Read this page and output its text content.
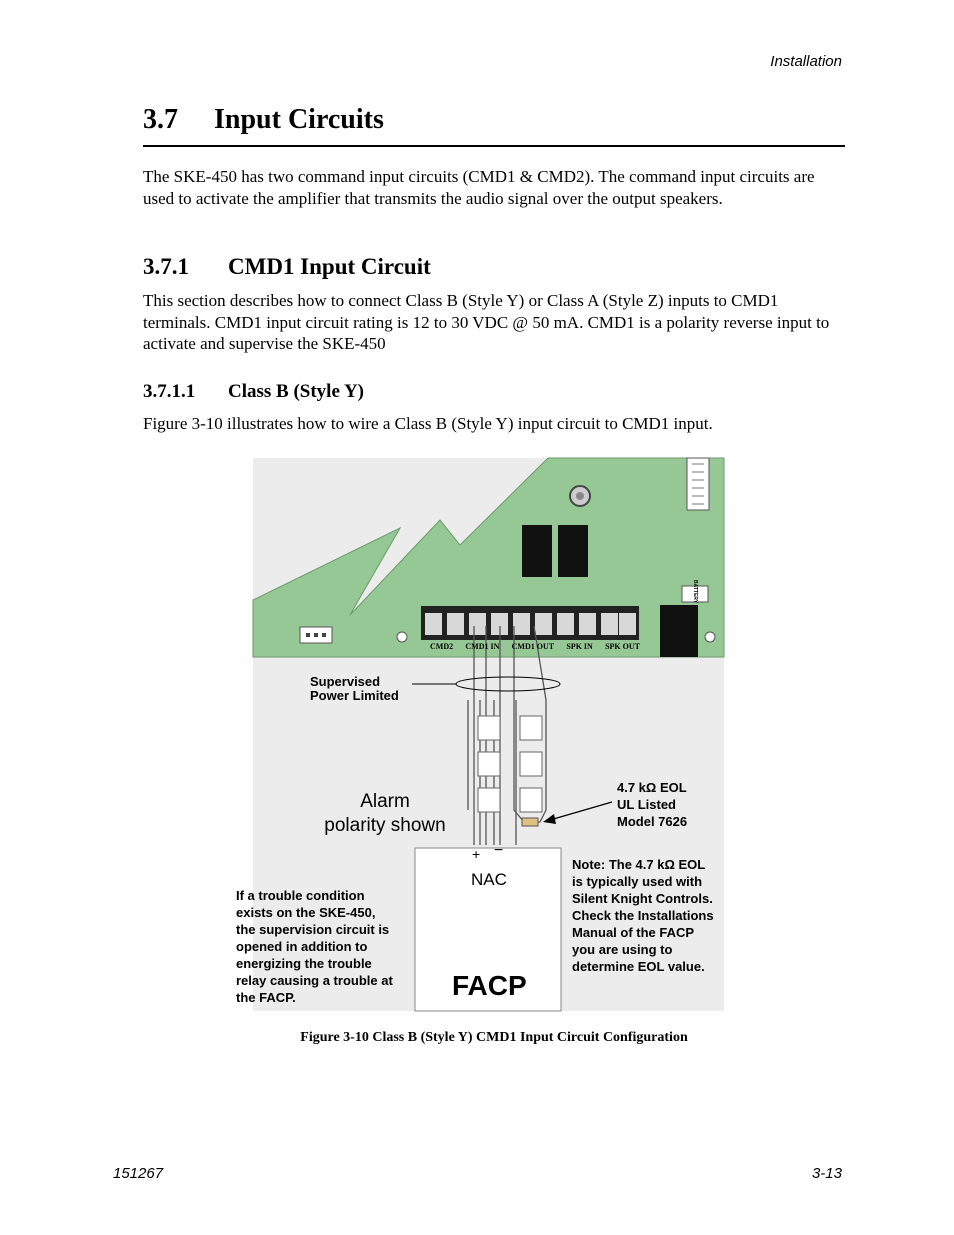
Installation
3.7 Input Circuits
The SKE-450 has two command input circuits (CMD1 & CMD2). The command input circuits are used to activate the amplifier that transmits the audio signal over the output speakers.
3.7.1 CMD1 Input Circuit
This section describes how to connect Class B (Style Y) or Class A (Style Z) inputs to CMD1 terminals. CMD1 input circuit rating is 12 to 30 VDC @ 50 mA. CMD1 is a polarity reverse input to activate and supervise the SKE-450
3.7.1.1 Class B (Style Y)
Figure 3-10 illustrates how to wire a Class B (Style Y) input circuit to CMD1 input.
CMD2 CMD1 IN CMD1 OUT SPK IN SPK OUT
BATTERY
Supervised
Power Limited
Alarm
polarity shown
4.7 kΩ EOL
UL Listed
Model 7626
+ −
NAC
FACP
If a trouble condition
exists on the SKE-450,
the supervision circuit is
opened in addition to
energizing the trouble
relay causing a trouble at
the FACP.
Note: The 4.7 kΩ EOL
is typically used with
Silent Knight Controls.
Check the Installations
Manual of the FACP
you are using to
determine EOL value.
Figure 3-10 Class B (Style Y) CMD1 Input Circuit Configuration
151267	3-13
